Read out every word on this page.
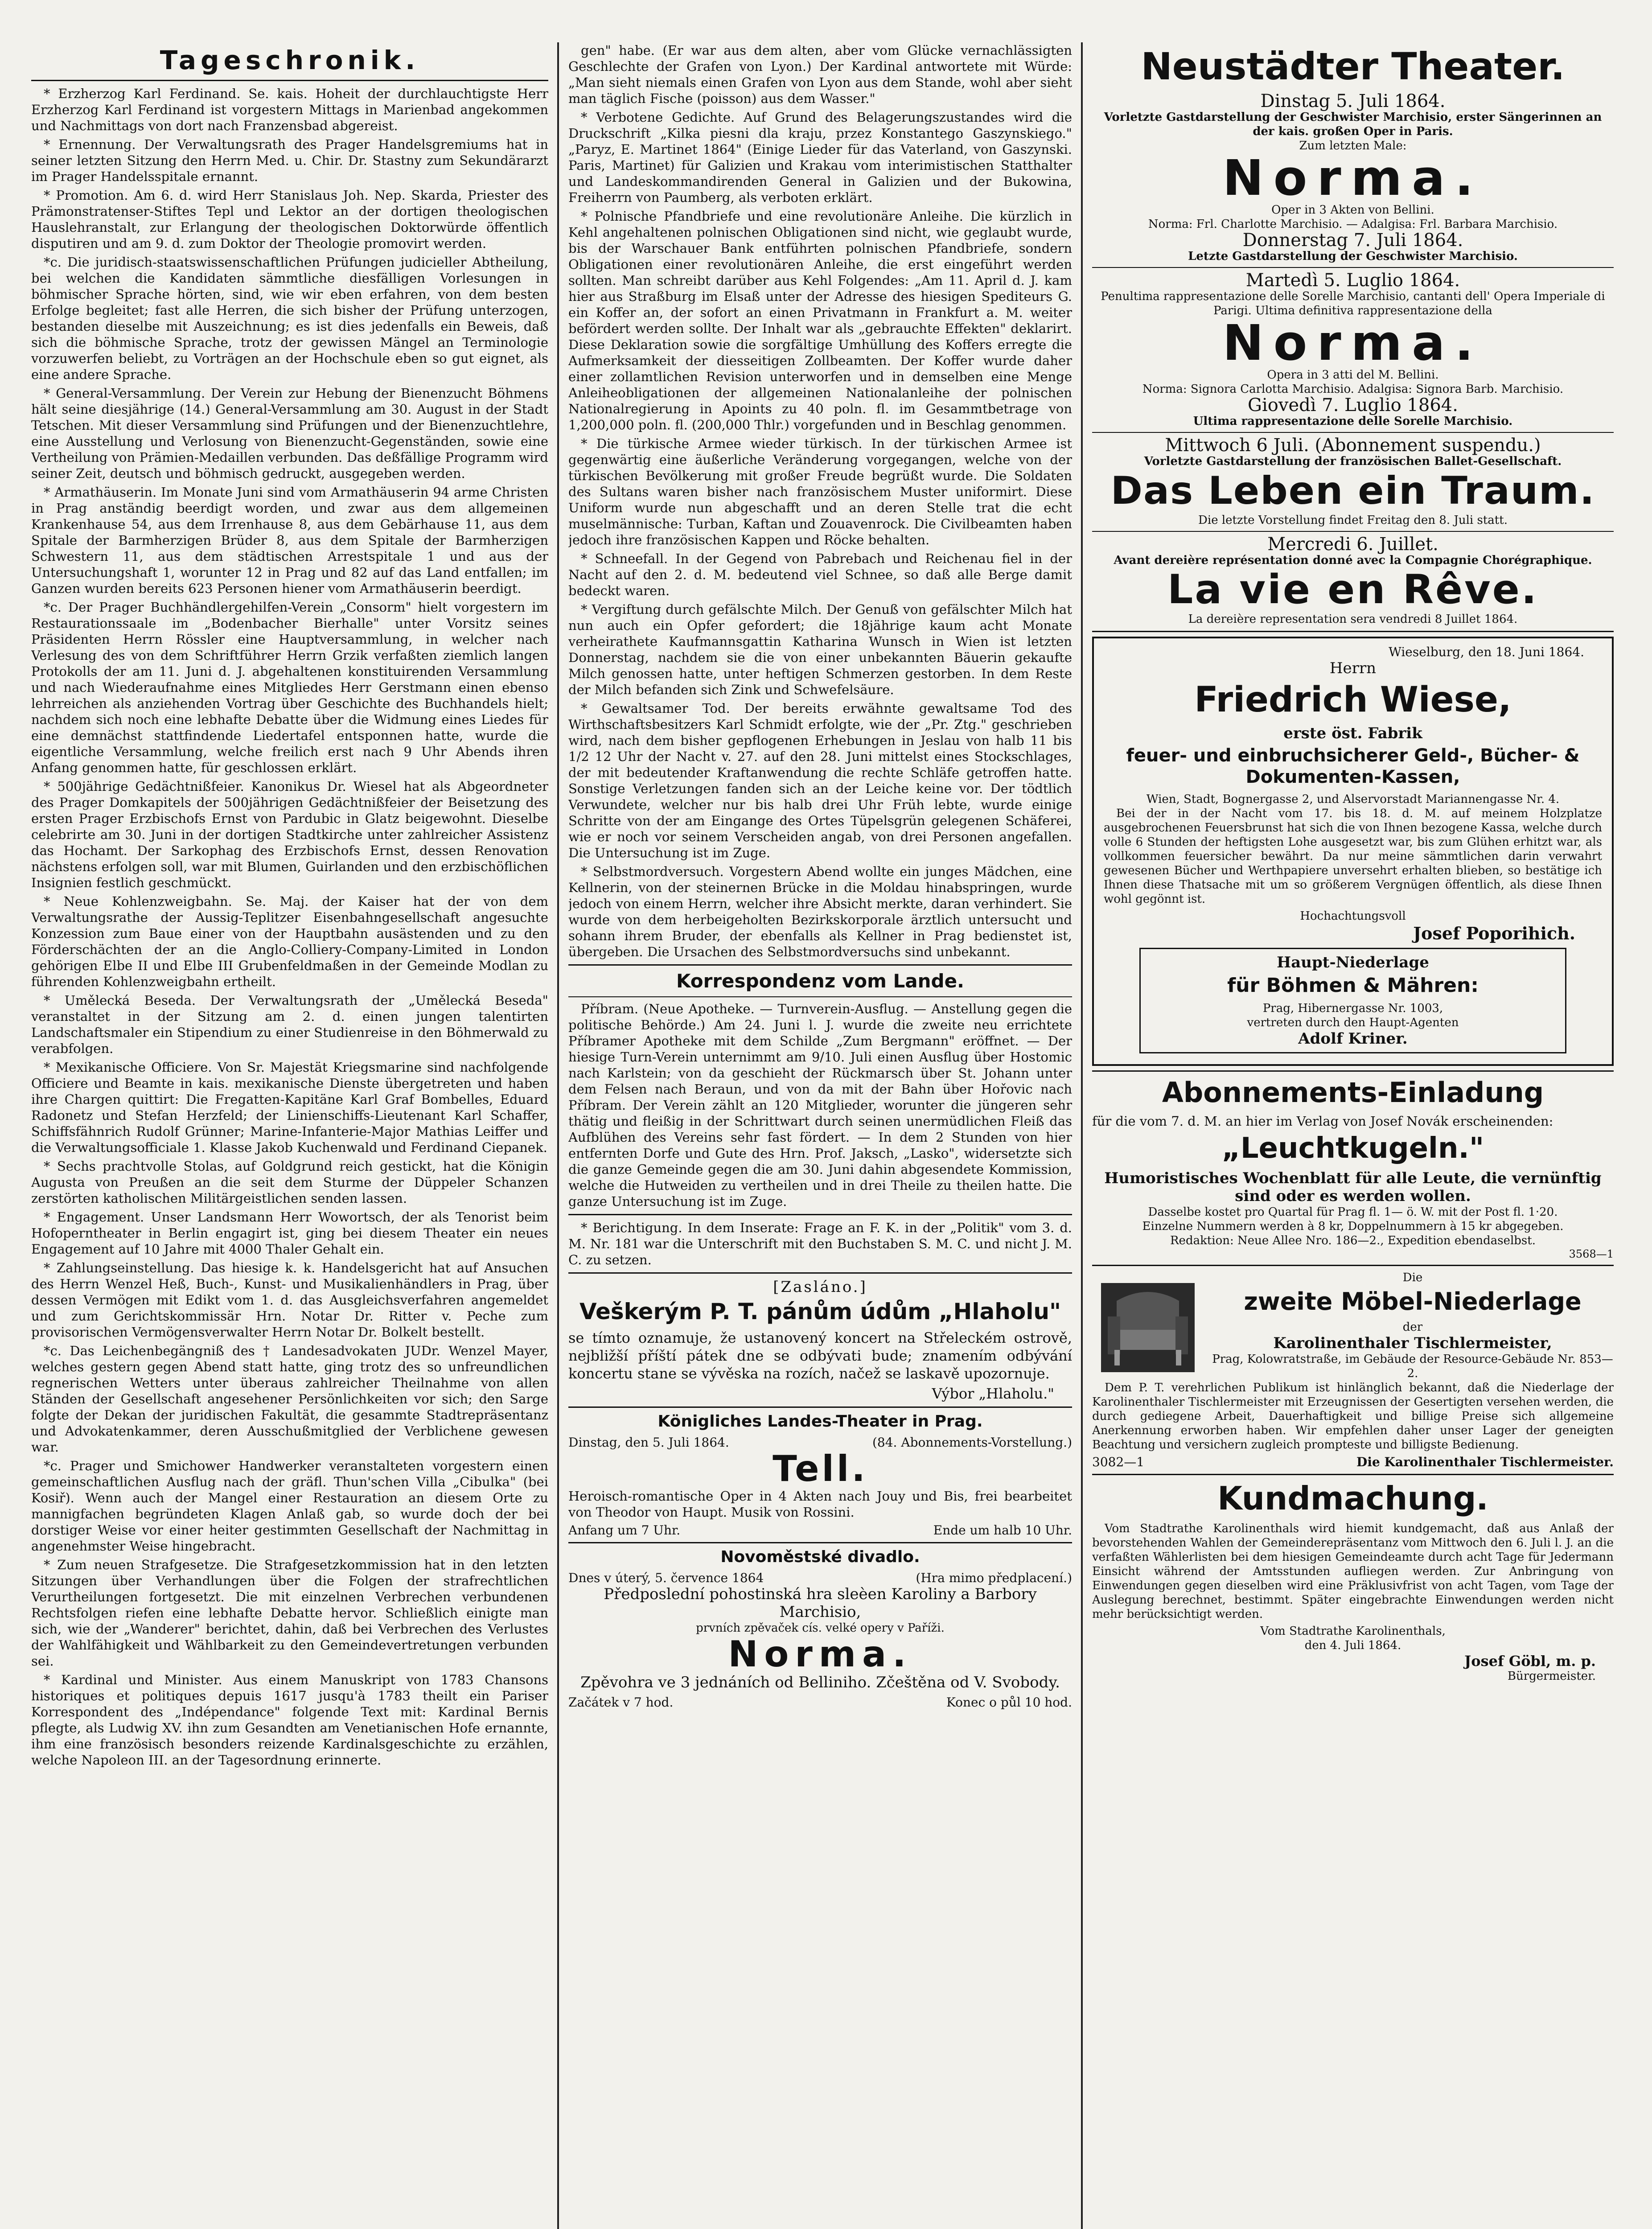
Tageschronik.

* Erzherzog Karl Ferdinand. Se. kais. Hoheit der durchlauchtigste Herr Erzherzog Karl Ferdinand ist vorgestern Mittags in Marienbad angekommen und Nachmittags von dort nach Franzensbad abgereist.

* Ernennung. Der Verwaltungsrath des Prager Handelsgremiums hat in seiner letzten Sitzung den Herrn Med. u. Chir. Dr. Stastny zum Sekundärarzt im Prager Handelsspitale ernannt.

* Promotion. Am 6. d. wird Herr Stanislaus Joh. Nep. Skarda, Priester des Prämonstratenser-Stiftes Tepl und Lektor an der dortigen theologischen Hauslehranstalt, zur Erlangung der theologischen Doktorwürde öffentlich disputiren und am 9. d. zum Doktor der Theologie promovirt werden.

*c. Die juridisch-staatswissenschaftlichen Prüfungen judicieller Abtheilung, bei welchen die Kandidaten sämmtliche diesfälligen Vorlesungen in böhmischer Sprache hörten, sind, wie wir eben erfahren, von dem besten Erfolge begleitet; fast alle Herren, die sich bisher der Prüfung unterzogen, bestanden dieselbe mit Auszeichnung; es ist dies jedenfalls ein Beweis, daß sich die böhmische Sprache, trotz der gewissen Mängel an Terminologie vorzuwerfen beliebt, zu Vorträgen an der Hochschule eben so gut eignet, als eine andere Sprache.

* General-Versammlung. Der Verein zur Hebung der Bienenzucht Böhmens hält seine diesjährige (14.) General-Versammlung am 30. August in der Stadt Tetschen. Mit dieser Versammlung sind Prüfungen und der Bienenzuchtlehre, eine Ausstellung und Verlosung von Bienenzucht-Gegenständen, sowie eine Vertheilung von Prämien-Medaillen verbunden. Das deßfällige Programm wird seiner Zeit, deutsch und böhmisch gedruckt, ausgegeben werden.

* Armathäuserin. Im Monate Juni sind vom Armathäuserin 94 arme Christen in Prag anständig beerdigt worden, und zwar aus dem allgemeinen Krankenhause 54, aus dem Irrenhause 8, aus dem Gebärhause 11, aus dem Spitale der Barmherzigen Brüder 8, aus dem Spitale der Barmherzigen Schwestern 11, aus dem städtischen Arrestspitale 1 und aus der Untersuchungshaft 1, worunter 12 in Prag und 82 auf das Land entfallen; im Ganzen wurden bereits 623 Personen hiener vom Armathäuserin beerdigt.

*c. Der Prager Buchhändlergehilfen-Verein „Consorm" hielt vorgestern im Restaurationssaale im „Bodenbacher Bierhalle" unter Vorsitz seines Präsidenten Herrn Rössler eine Hauptversammlung, in welcher nach Verlesung des von dem Schriftführer Herrn Grzik verfaßten ziemlich langen Protokolls der am 11. Juni d. J. abgehaltenen konstituirenden Versammlung und nach Wiederaufnahme eines Mitgliedes Herr Gerstmann einen ebenso lehrreichen als anziehenden Vortrag über Geschichte des Buchhandels hielt; nachdem sich noch eine lebhafte Debatte über die Widmung eines Liedes für eine demnächst stattfindende Liedertafel entsponnen hatte, wurde die eigentliche Versammlung, welche freilich erst nach 9 Uhr Abends ihren Anfang genommen hatte, für geschlossen erklärt.

* 500jährige Gedächtnißfeier. Kanonikus Dr. Wiesel hat als Abgeordneter des Prager Domkapitels der 500jährigen Gedächtnißfeier der Beisetzung des ersten Prager Erzbischofs Ernst von Pardubic in Glatz beigewohnt. Dieselbe celebrirte am 30. Juni in der dortigen Stadtkirche unter zahlreicher Assistenz das Hochamt. Der Sarkophag des Erzbischofs Ernst, dessen Renovation nächstens erfolgen soll, war mit Blumen, Guirlanden und den erzbischöflichen Insignien festlich geschmückt.

* Neue Kohlenzweigbahn. Se. Maj. der Kaiser hat der von dem Verwaltungsrathe der Aussig-Teplitzer Eisenbahngesellschaft angesuchte Konzession zum Baue einer von der Hauptbahn ausästenden und zu den Förderschächten der an die Anglo-Colliery-Company-Limited in London gehörigen Elbe II und Elbe III Grubenfeldmaßen in der Gemeinde Modlan zu führenden Kohlenzweigbahn ertheilt.

* Umělecká Beseda. Der Verwaltungsrath der „Umělecká Beseda" veranstaltet in der Sitzung am 2. d. einen jungen talentirten Landschaftsmaler ein Stipendium zu einer Studienreise in den Böhmerwald zu verabfolgen.

* Mexikanische Officiere. Von Sr. Majestät Kriegsmarine sind nachfolgende Officiere und Beamte in kais. mexikanische Dienste übergetreten und haben ihre Chargen quittirt: Die Fregatten-Kapitäne Karl Graf Bombelles, Eduard Radonetz und Stefan Herzfeld; der Linienschiffs-Lieutenant Karl Schaffer, Schiffsfähnrich Rudolf Grünner; Marine-Infanterie-Major Mathias Leiffer und die Verwaltungsofficiale 1. Klasse Jakob Kuchenwald und Ferdinand Ciepanek.

* Sechs prachtvolle Stolas, auf Goldgrund reich gestickt, hat die Königin Augusta von Preußen an die seit dem Sturme der Düppeler Schanzen zerstörten katholischen Militärgeistlichen senden lassen.

* Engagement. Unser Landsmann Herr Wowortsch, der als Tenorist beim Hofoperntheater in Berlin engagirt ist, ging bei diesem Theater ein neues Engagement auf 10 Jahre mit 4000 Thaler Gehalt ein.

* Zahlungseinstellung. Das hiesige k. k. Handelsgericht hat auf Ansuchen des Herrn Wenzel Heß, Buch-, Kunst- und Musikalienhändlers in Prag, über dessen Vermögen mit Edikt vom 1. d. das Ausgleichsverfahren angemeldet und zum Gerichtskommissär Hrn. Notar Dr. Ritter v. Peche zum provisorischen Vermögensverwalter Herrn Notar Dr. Bolkelt bestellt.

*c. Das Leichenbegängniß des † Landesadvokaten JUDr. Wenzel Mayer, welches gestern gegen Abend statt hatte, ging trotz des so unfreundlichen regnerischen Wetters unter überaus zahlreicher Theilnahme von allen Ständen der Gesellschaft angesehener Persönlichkeiten vor sich; den Sarge folgte der Dekan der juridischen Fakultät, die gesammte Stadtrepräsentanz und Advokatenkammer, deren Ausschußmitglied der Verblichene gewesen war.

*c. Prager und Smichower Handwerker veranstalteten vorgestern einen gemeinschaftlichen Ausflug nach der gräfl. Thun'schen Villa „Cibulka" (bei Kosiř). Wenn auch der Mangel einer Restauration an diesem Orte zu mannigfachen begründeten Klagen Anlaß gab, so wurde doch der bei dorstiger Weise vor einer heiter gestimmten Gesellschaft der Nachmittag in angenehmster Weise hingebracht.

* Zum neuen Strafgesetze. Die Strafgesetzkommission hat in den letzten Sitzungen über Verhandlungen über die Folgen der strafrechtlichen Verurtheilungen fortgesetzt. Die mit einzelnen Verbrechen verbundenen Rechtsfolgen riefen eine lebhafte Debatte hervor. Schließlich einigte man sich, wie der „Wanderer" berichtet, dahin, daß bei Verbrechen des Verlustes der Wahlfähigkeit und Wählbarkeit zu den Gemeindevertretungen verbunden sei.

* Kardinal und Minister. Aus einem Manuskript von 1783 Chansons historiques et politiques depuis 1617 jusqu'à 1783 theilt ein Pariser Korrespondent des „Indépendance" folgende Text mit: Kardinal Bernis pflegte, als Ludwig XV. ihn zum Gesandten am Venetianischen Hofe ernannte, ihm eine französisch besonders reizende Kardinalsgeschichte zu erzählen, welche Napoleon III. an der Tagesordnung erinnerte.

gen" habe. (Er war aus dem alten, aber vom Glücke vernachlässigten Geschlechte der Grafen von Lyon.) Der Kardinal antwortete mit Würde: „Man sieht niemals einen Grafen von Lyon aus dem Stande, wohl aber sieht man täglich Fische (poisson) aus dem Wasser."

* Verbotene Gedichte. Auf Grund des Belagerungszustandes wird die Druckschrift „Kilka piesni dla kraju, przez Konstantego Gaszynskiego." „Paryz, E. Martinet 1864" (Einige Lieder für das Vaterland, von Gaszynski. Paris, Martinet) für Galizien und Krakau vom interimistischen Statthalter und Landeskommandirenden General in Galizien und der Bukowina, Freiherrn von Paumberg, als verboten erklärt.

* Polnische Pfandbriefe und eine revolutionäre Anleihe. Die kürzlich in Kehl angehaltenen polnischen Obligationen sind nicht, wie geglaubt wurde, bis der Warschauer Bank entführten polnischen Pfandbriefe, sondern Obligationen einer revolutionären Anleihe, die erst eingeführt werden sollten. Man schreibt darüber aus Kehl Folgendes: „Am 11. April d. J. kam hier aus Straßburg im Elsaß unter der Adresse des hiesigen Spediteurs G. ein Koffer an, der sofort an einen Privatmann in Frankfurt a. M. weiter befördert werden sollte. Der Inhalt war als „gebrauchte Effekten" deklarirt. Diese Deklaration sowie die sorgfältige Umhüllung des Koffers erregte die Aufmerksamkeit der diesseitigen Zollbeamten. Der Koffer wurde daher einer zollamtlichen Revision unterworfen und in demselben eine Menge Anleiheobligationen der allgemeinen Nationalanleihe der polnischen Nationalregierung in Apoints zu 40 poln. fl. im Gesammtbetrage von 1,200,000 poln. fl. (200,000 Thlr.) vorgefunden und in Beschlag genommen.

* Die türkische Armee wieder türkisch. In der türkischen Armee ist gegenwärtig eine äußerliche Veränderung vorgegangen, welche von der türkischen Bevölkerung mit großer Freude begrüßt wurde. Die Soldaten des Sultans waren bisher nach französischem Muster uniformirt. Diese Uniform wurde nun abgeschafft und an deren Stelle trat die echt muselmännische: Turban, Kaftan und Zouavenrock. Die Civilbeamten haben jedoch ihre französischen Kappen und Röcke behalten.

* Schneefall. In der Gegend von Pabrebach und Reichenau fiel in der Nacht auf den 2. d. M. bedeutend viel Schnee, so daß alle Berge damit bedeckt waren.

* Vergiftung durch gefälschte Milch. Der Genuß von gefälschter Milch hat nun auch ein Opfer gefordert; die 18jährige kaum acht Monate verheirathete Kaufmannsgattin Katharina Wunsch in Wien ist letzten Donnerstag, nachdem sie die von einer unbekannten Bäuerin gekaufte Milch genossen hatte, unter heftigen Schmerzen gestorben. In dem Reste der Milch befanden sich Zink und Schwefelsäure.

* Gewaltsamer Tod. Der bereits erwähnte gewaltsame Tod des Wirthschaftsbesitzers Karl Schmidt erfolgte, wie der „Pr. Ztg." geschrieben wird, nach dem bisher gepflogenen Erhebungen in Jeslau von halb 11 bis 1/2 12 Uhr der Nacht v. 27. auf den 28. Juni mittelst eines Stockschlages, der mit bedeutender Kraftanwendung die rechte Schläfe getroffen hatte. Sonstige Verletzungen fanden sich an der Leiche keine vor. Der tödtlich Verwundete, welcher nur bis halb drei Uhr Früh lebte, wurde einige Schritte von der am Eingange des Ortes Tüpelsgrün gelegenen Schäferei, wie er noch vor seinem Verscheiden angab, von drei Personen angefallen. Die Untersuchung ist im Zuge.

* Selbstmordversuch. Vorgestern Abend wollte ein junges Mädchen, eine Kellnerin, von der steinernen Brücke in die Moldau hinabspringen, wurde jedoch von einem Herrn, welcher ihre Absicht merkte, daran verhindert. Sie wurde von dem herbeigeholten Bezirkskorporale ärztlich untersucht und sohann ihrem Bruder, der ebenfalls als Kellner in Prag bedienstet ist, übergeben. Die Ursachen des Selbstmordversuchs sind unbekannt.

Korrespondenz vom Lande.

Příbram. (Neue Apotheke. — Turnverein-Ausflug. — Anstellung gegen die politische Behörde.) Am 24. Juni l. J. wurde die zweite neu errichtete Příbramer Apotheke mit dem Schilde „Zum Bergmann" eröffnet. — Der hiesige Turn-Verein unternimmt am 9/10. Juli einen Ausflug über Hostomic nach Karlstein; von da geschieht der Rückmarsch über St. Johann unter dem Felsen nach Beraun, und von da mit der Bahn über Hořovic nach Příbram. Der Verein zählt an 120 Mitglieder, worunter die jüngeren sehr thätig und fleißig in der Schrittwart durch seinen unermüdlichen Fleiß das Aufblühen des Vereins sehr fast fördert. — In dem 2 Stunden von hier entfernten Dorfe und Gute des Hrn. Prof. Jaksch, „Lasko", widersetzte sich die ganze Gemeinde gegen die am 30. Juni dahin abgesendete Kommission, welche die Hutweiden zu vertheilen und in drei Theile zu theilen hatte. Die ganze Untersuchung ist im Zuge.

* Berichtigung. In dem Inserate: Frage an F. K. in der „Politik" vom 3. d. M. Nr. 181 war die Unterschrift mit den Buchstaben S. M. C. und nicht J. M. C. zu setzen.

[Zasláno.]
Veškerým P. T. pánům údům „Hlaholu"

se tímto oznamuje, že ustanovený koncert na Střeleckém ostrově, nejbližší příští pátek dne se odbývati bude; znamením odbývání koncertu stane se vývěska na rozích, načež se laskavě upozornuje.

Výbor „Hlaholu."
Königliches Landes-Theater in Prag.
Dinstag, den 5. Juli 1864.	(84. Abonnements-Vorstellung.)
Tell.

Heroisch-romantische Oper in 4 Akten nach Jouy und Bis, frei bearbeitet von Theodor von Haupt. Musik von Rossini.

Anfang um 7 Uhr.	Ende um halb 10 Uhr.
Novoměstské divadlo.
Dnes v úterý, 5. července 1864	(Hra mimo předplacení.)
Předposlední pohostinská hra sleèen Karoliny a Barbory Marchisio,
prvních zpěvaček cís. velké opery v Paříži.
Norma.
Zpěvohra ve 3 jednáních od Belliniho. Zčeštěna od V. Svobody.
Začátek v 7 hod.	Konec o půl 10 hod.
Neustädter Theater.
Dinstag 5. Juli 1864.
Vorletzte Gastdarstellung der Geschwister Marchisio, erster Sängerinnen an der kais. großen Oper in Paris.
Zum letzten Male:
Norma.
Oper in 3 Akten von Bellini.
Norma: Frl. Charlotte Marchisio. — Adalgisa: Frl. Barbara Marchisio.
Donnerstag 7. Juli 1864.
Letzte Gastdarstellung der Geschwister Marchisio.
Martedì 5. Luglio 1864.
Penultima rappresentazione delle Sorelle Marchisio, cantanti dell' Opera Imperiale di Parigi. Ultima definitiva rappresentazione della
Norma.
Opera in 3 atti del M. Bellini.
Norma: Signora Carlotta Marchisio. Adalgisa: Signora Barb. Marchisio.
Giovedì 7. Luglio 1864.
Ultima rappresentazione delle Sorelle Marchisio.
Mittwoch 6 Juli. (Abonnement suspendu.)
Vorletzte Gastdarstellung der französischen Ballet-Gesellschaft.
Das Leben ein Traum.
Die letzte Vorstellung findet Freitag den 8. Juli statt.
Mercredi 6. Juillet.
Avant dereière représentation donné avec la Compagnie Chorégraphique.
La vie en Rêve.
La dereière representation sera vendredi 8 Juillet 1864.
Wieselburg, den 18. Juni 1864.
Herrn
Friedrich Wiese,
erste öst. Fabrik
feuer- und einbruchsicherer Geld-, Bücher- & Dokumenten-Kassen,
Wien, Stadt, Bognergasse 2, und Alservorstadt Mariannengasse Nr. 4.

Bei der in der Nacht vom 17. bis 18. d. M. auf meinem Holzplatze ausgebrochenen Feuersbrunst hat sich die von Ihnen bezogene Kassa, welche durch volle 6 Stunden der heftigsten Lohe ausgesetzt war, bis zum Glühen erhitzt war, als vollkommen feuersicher bewährt. Da nur meine sämmtlichen darin verwahrt gewesenen Bücher und Werthpapiere unversehrt erhalten blieben, so bestätige ich Ihnen diese Thatsache mit um so größerem Vergnügen öffentlich, als diese Ihnen wohl gegönnt ist.

Hochachtungsvoll
Josef Poporihich.
Haupt-Niederlage
für Böhmen & Mähren:
Prag, Hibernergasse Nr. 1003,
vertreten durch den Haupt-Agenten
Adolf Kriner.
Abonnements-Einladung

für die vom 7. d. M. an hier im Verlag von Josef Novák erscheinenden:

„Leuchtkugeln."
Humoristisches Wochenblatt für alle Leute, die vernünftig sind oder es werden wollen.
Dasselbe kostet pro Quartal für Prag fl. 1— ö. W. mit der Post fl. 1·20.
Einzelne Nummern werden à 8 kr, Doppelnummern à 15 kr abgegeben.
Redaktion: Neue Allee Nro. 186—2., Expedition ebendaselbst.
3568—1
Die
zweite Möbel-Niederlage
der
Karolinenthaler Tischlermeister,
Prag, Kolowratstraße, im Gebäude der Resource-Gebäude Nr. 853—2.

Dem P. T. verehrlichen Publikum ist hinlänglich bekannt, daß die Niederlage der Karolinenthaler Tischlermeister mit Erzeugnissen der Gesertigten versehen werden, die durch gediegene Arbeit, Dauerhaftigkeit und billige Preise sich allgemeine Anerkennung erworben haben. Wir empfehlen daher unser Lager der geneigten Beachtung und versichern zugleich prompteste und billigste Bedienung.

3082—1	Die Karolinenthaler Tischlermeister.
Kundmachung.

Vom Stadtrathe Karolinenthals wird hiemit kundgemacht, daß aus Anlaß der bevorstehenden Wahlen der Gemeinderepräsentanz vom Mittwoch den 6. Juli l. J. an die verfaßten Wählerlisten bei dem hiesigen Gemeindeamte durch acht Tage für Jedermann Einsicht während der Amtsstunden aufliegen werden. Zur Anbringung von Einwendungen gegen dieselben wird eine Präklusivfrist von acht Tagen, vom Tage der Auslegung berechnet, bestimmt. Später eingebrachte Einwendungen werden nicht mehr berücksichtigt werden.

Vom Stadtrathe Karolinenthals,
den 4. Juli 1864.
Josef Göbl, m. p.
Bürgermeister.
